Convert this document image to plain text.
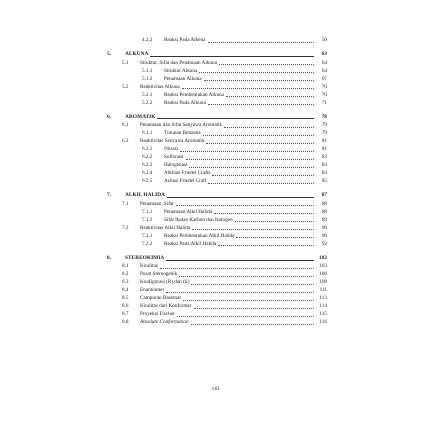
4.2.2 Reaksi Pada Alkena	50
5.	ALKUNA	63
5.1 Struktur, Sifat dan Penamaan Alkuna	64
5.1.1 Struktur Alkuna	64
5.1.2 Penamaan Alkuna	67
5.2 Reaktivitas Alkuna	70
5.2.1 Reaksi Pembentukan Alkuna	70
5.2.2 Reaksi Pada Alkuna	71
6.	AROMATIK	78
6.1 Penamaan dan Sifat Senyawa Aromatik	79
6.1.1 Turunan Benzena	79
6.2 Reaktivitas Senyawa Aromatik	81
6.2.1 Nitrasi	81
6.2.2 Sulfonasi	83
6.2.3 Halogenasi	84
6.2.4 Alkilasi Friedel Crafts	84
6.2.5 Asilasi Friedel Craft	85
7.	ALKIL HALIDA	87
7.1 Penamaan, Sifat	88
7.1.1 Penamaan Alkil Halida	88
7.1.2 Sifat Ikatan Karbon dan Halogen	89
7.2 Reaktivitas Alkil Halida	90
7.2.1 Reaksi Pembentukan Alkil Halida	90
7.2.2 Reaksi Pada Alkil Halida	92
8.	STEREOKIMIA	102
8.1 Kiralitas	103
8.2 Pusat Stereogenik	106
8.3 Konfigurasi (R) dan (S)	108
8.4 Enantiomer	111
8.5 Campuran Rasemat	113
8.6 Kiralitas dari Konformer	114
8.7 Proyeksi Fischer	115
8.8 Absolute Conformation	116
viii
